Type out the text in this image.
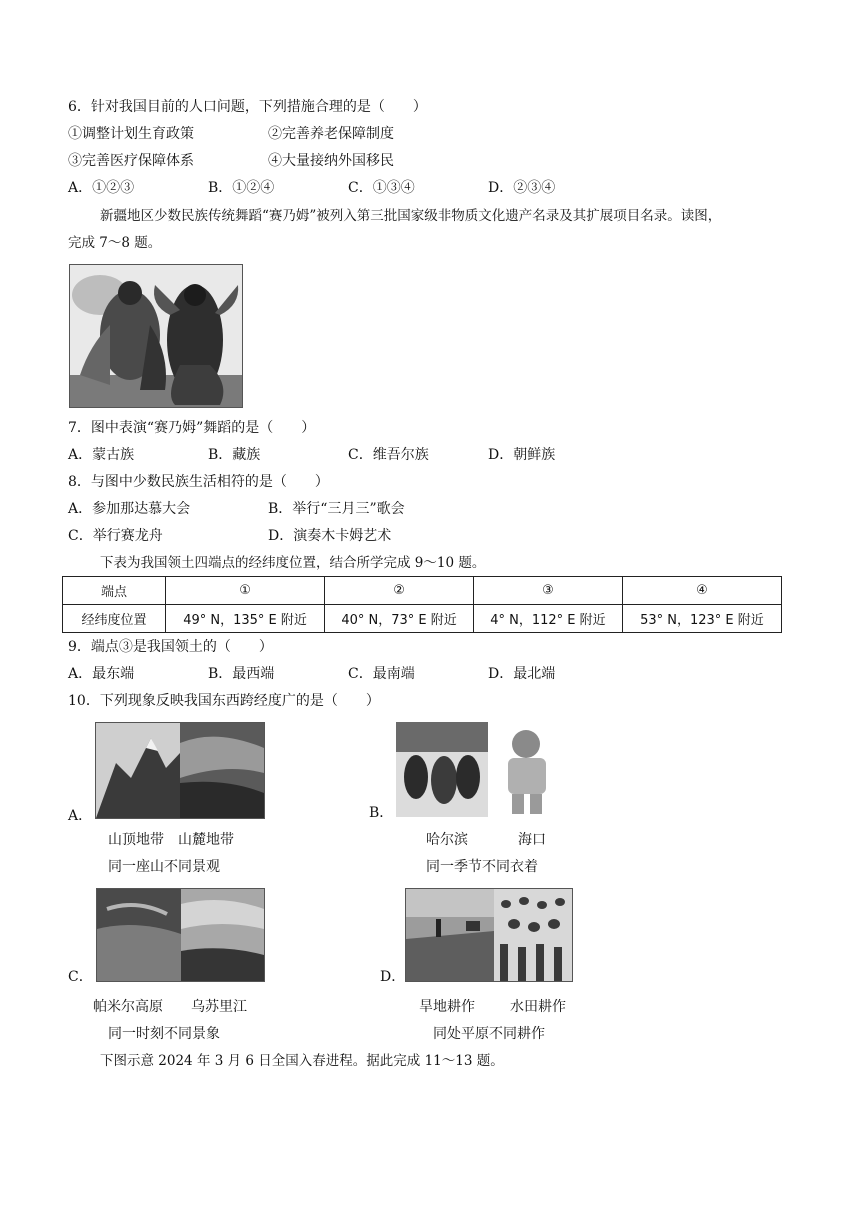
6．针对我国目前的人口问题，下列措施合理的是（　　）
①调整计划生育政策	②完善养老保障制度
③完善医疗保障体系	④大量接纳外国移民
A．①②③	B．①②④	C．①③④	D．②③④
新疆地区少数民族传统舞蹈“赛乃姆”被列入第三批国家级非物质文化遗产名录及其扩展项目名录。读图，
完成 7～8 题。
7．图中表演“赛乃姆”舞蹈的是（　　）
A．蒙古族	B．藏族	C．维吾尔族	D．朝鲜族
8．与图中少数民族生活相符的是（　　）
A．参加那达慕大会	B．举行“三月三”歌会
C．举行赛龙舟	D．演奏木卡姆艺术
下表为我国领土四端点的经纬度位置，结合所学完成 9～10 题。
端点	①	②	③	④
经纬度位置	49° N，135° E 附近	40° N，73° E 附近	4° N，112° E 附近	53° N，123° E 附近
9．端点③是我国领土的（　　）
A．最东端	B．最西端	C．最南端	D．最北端
10．下列现象反映我国东西跨经度广的是（　　）
A．
山顶地带 山麓地带
同一座山不同景观
B．
哈尔滨	海口
同一季节不同衣着
C．
帕米尔高原 乌苏里江
同一时刻不同景象
D．
旱地耕作	水田耕作
同处平原不同耕作
下图示意 2024 年 3 月 6 日全国入春进程。据此完成 11～13 题。
